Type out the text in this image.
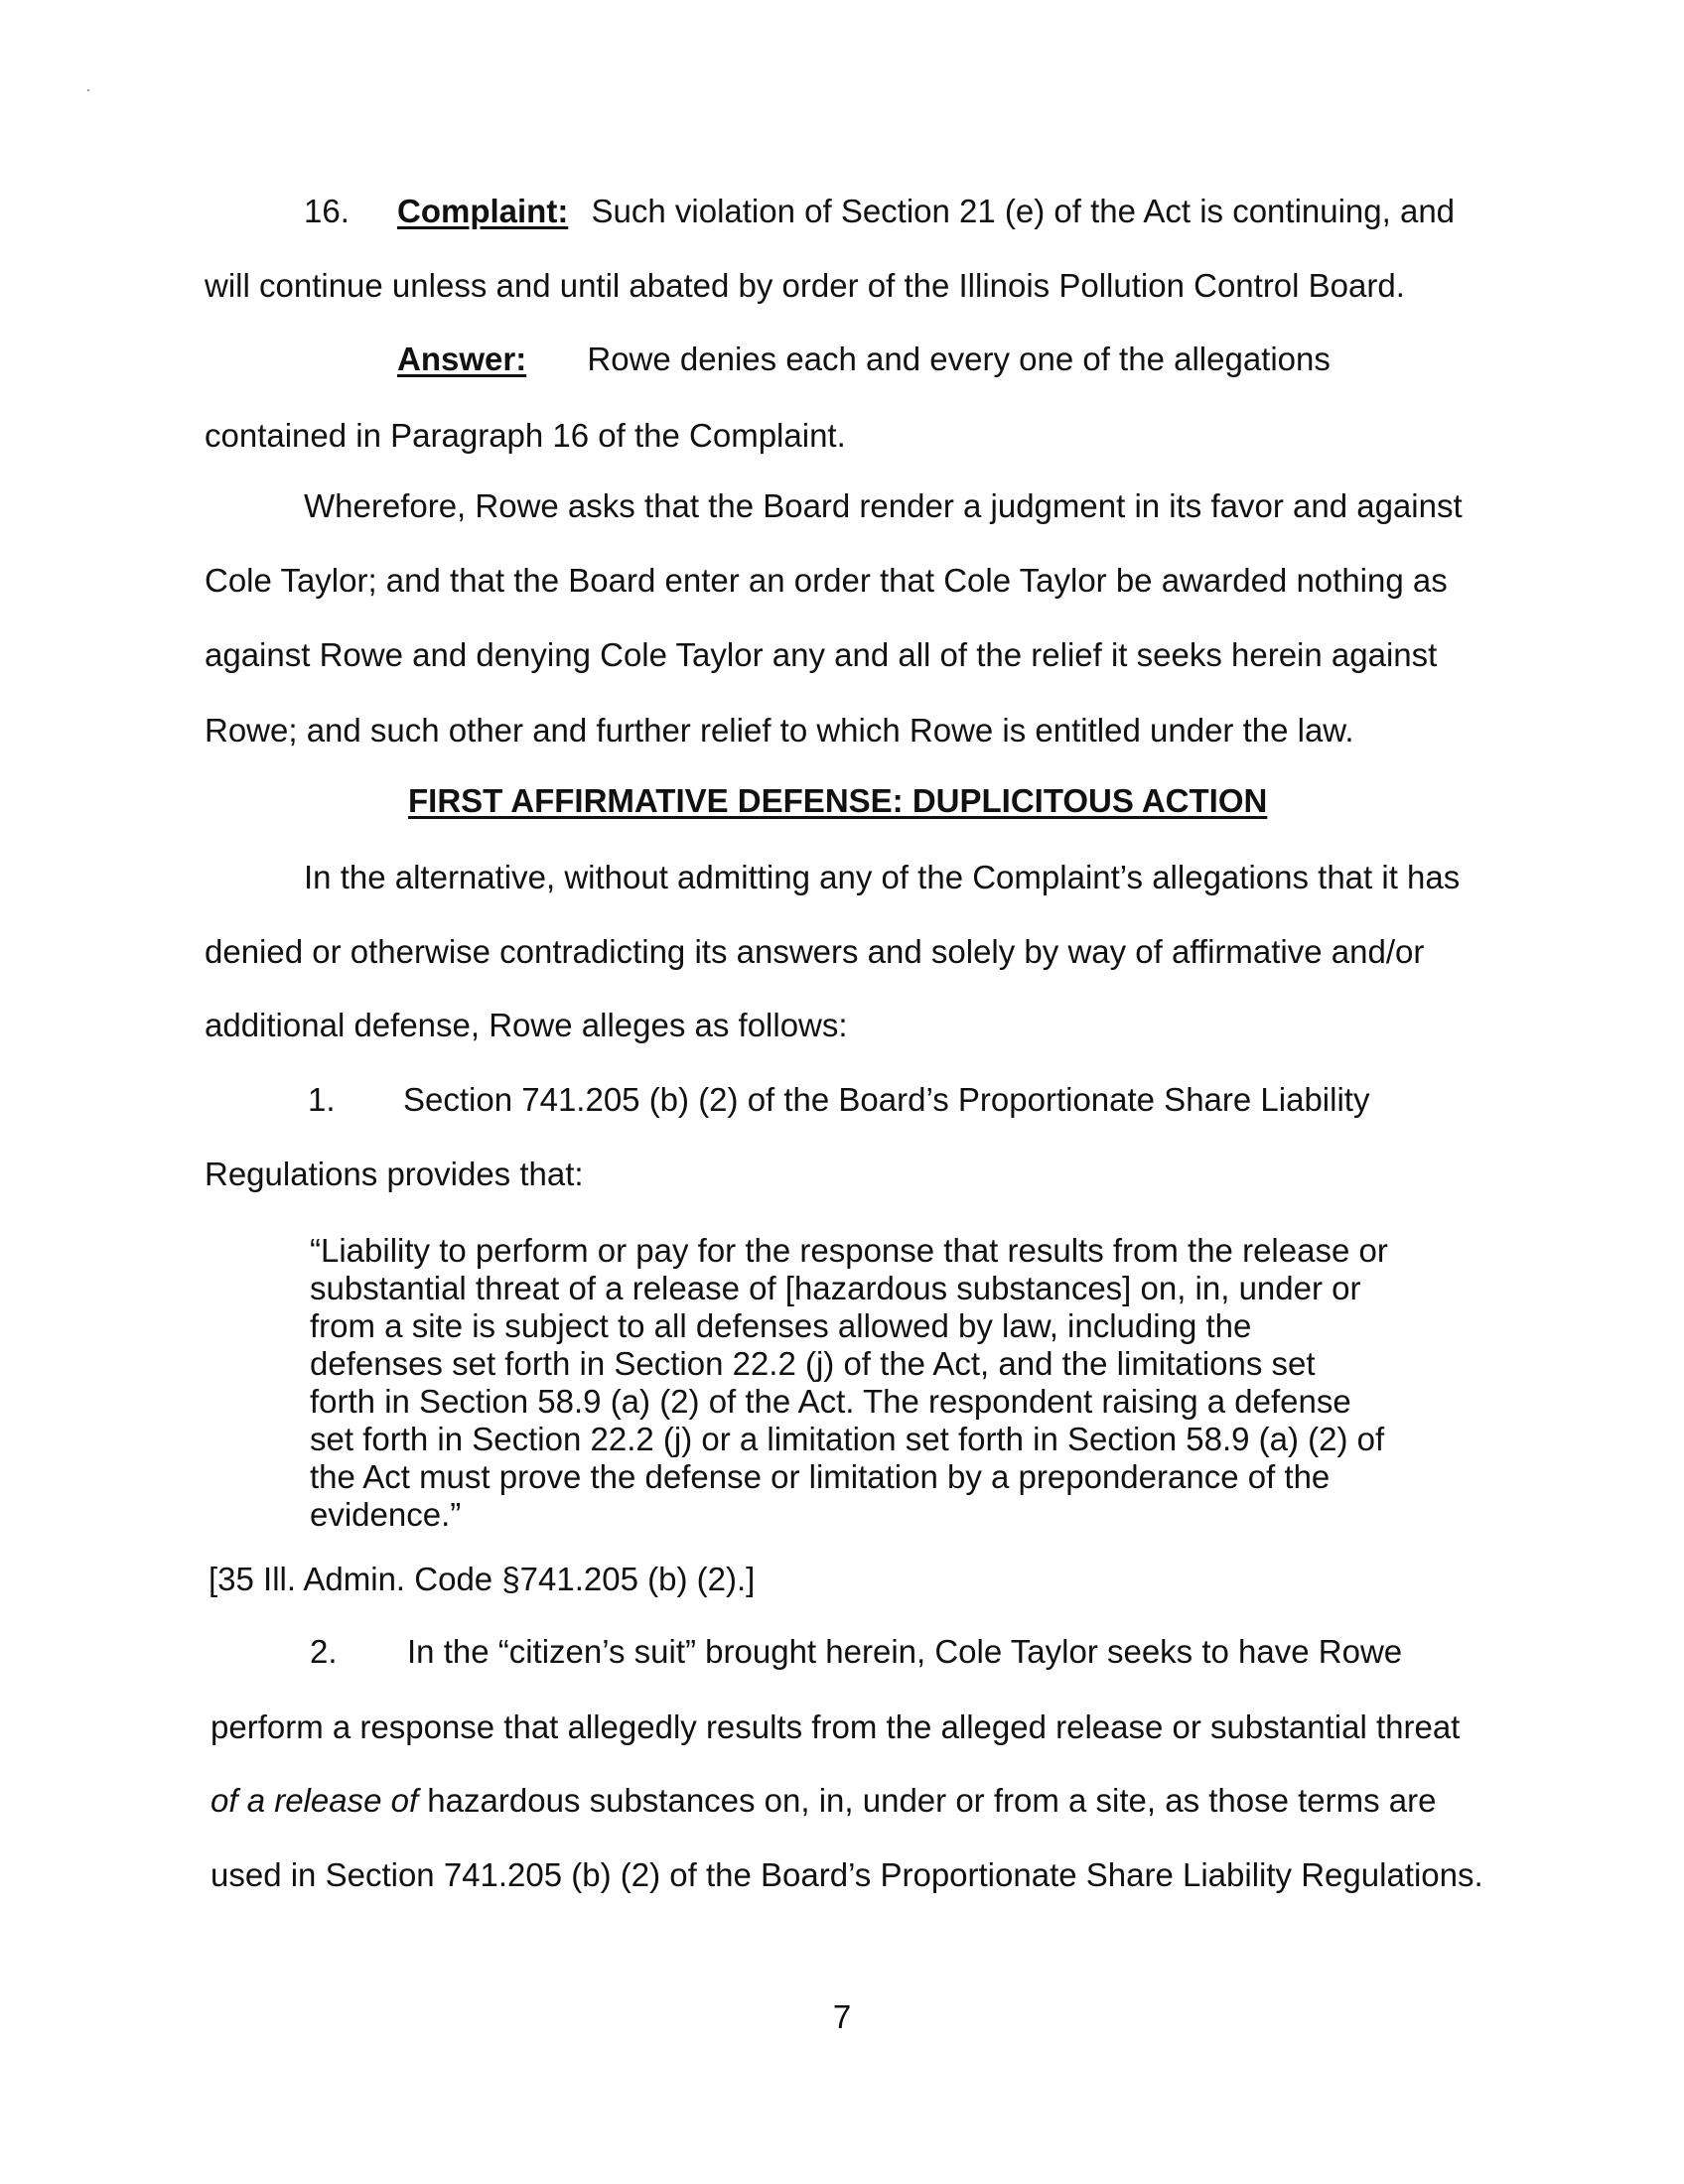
16. Complaint: Such violation of Section 21 (e) of the Act is continuing, and
will continue unless and until abated by order of the Illinois Pollution Control Board.
Answer: Rowe denies each and every one of the allegations
contained in Paragraph 16 of the Complaint.
Wherefore, Rowe asks that the Board render a judgment in its favor and against
Cole Taylor; and that the Board enter an order that Cole Taylor be awarded nothing as
against Rowe and denying Cole Taylor any and all of the relief it seeks herein against
Rowe; and such other and further relief to which Rowe is entitled under the law.
FIRST AFFIRMATIVE DEFENSE: DUPLICITOUS ACTION
In the alternative, without admitting any of the Complaint’s allegations that it has
denied or otherwise contradicting its answers and solely by way of affirmative and/or
additional defense, Rowe alleges as follows:
1. Section 741.205 (b) (2) of the Board’s Proportionate Share Liability
Regulations provides that:
“Liability to perform or pay for the response that results from the release or
substantial threat of a release of [hazardous substances] on, in, under or
from a site is subject to all defenses allowed by law, including the
defenses set forth in Section 22.2 (j) of the Act, and the limitations set
forth in Section 58.9 (a) (2) of the Act. The respondent raising a defense
set forth in Section 22.2 (j) or a limitation set forth in Section 58.9 (a) (2) of
the Act must prove the defense or limitation by a preponderance of the
evidence.”
[35 Ill. Admin. Code §741.205 (b) (2).]
2. In the “citizen’s suit” brought herein, Cole Taylor seeks to have Rowe
perform a response that allegedly results from the alleged release or substantial threat
of a release of hazardous substances on, in, under or from a site, as those terms are
used in Section 741.205 (b) (2) of the Board’s Proportionate Share Liability Regulations.
7
